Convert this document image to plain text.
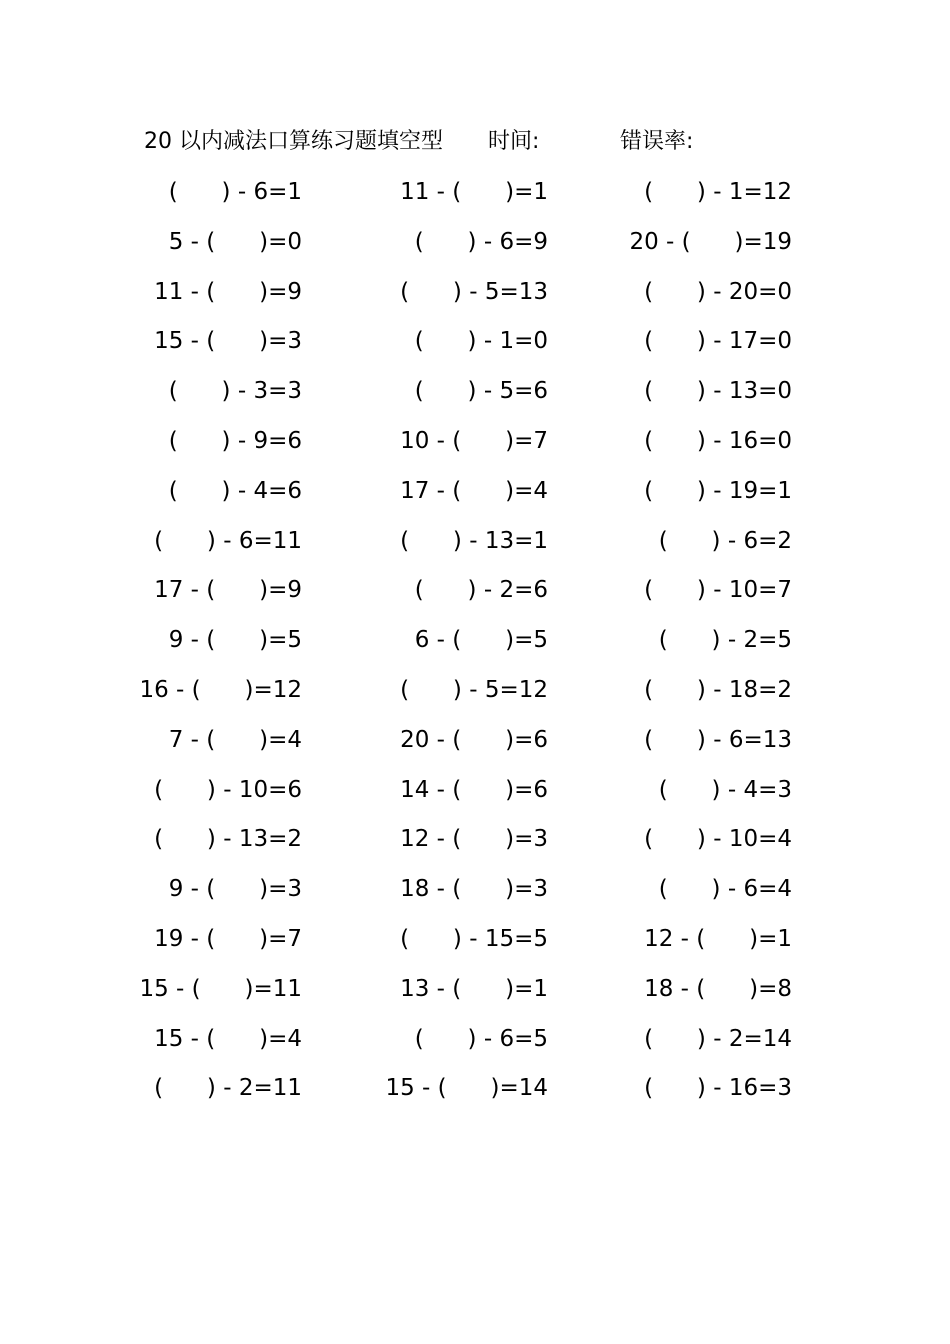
20 以内减法口算练习题填空型 时间:	错误率:
(      ) - 6=1	11 - (      )=1	(      ) - 1=12
5 - (      )=0	(      ) - 6=9	20 - (      )=19
11 - (      )=9	(      ) - 5=13	(      ) - 20=0
15 - (      )=3	(      ) - 1=0	(      ) - 17=0
(      ) - 3=3	(      ) - 5=6	(      ) - 13=0
(      ) - 9=6	10 - (      )=7	(      ) - 16=0
(      ) - 4=6	17 - (      )=4	(      ) - 19=1
(      ) - 6=11	(      ) - 13=1	(      ) - 6=2
17 - (      )=9	(      ) - 2=6	(      ) - 10=7
9 - (      )=5	6 - (      )=5	(      ) - 2=5
16 - (      )=12	(      ) - 5=12	(      ) - 18=2
7 - (      )=4	20 - (      )=6	(      ) - 6=13
(      ) - 10=6	14 - (      )=6	(      ) - 4=3
(      ) - 13=2	12 - (      )=3	(      ) - 10=4
9 - (      )=3	18 - (      )=3	(      ) - 6=4
19 - (      )=7	(      ) - 15=5	12 - (      )=1
15 - (      )=11	13 - (      )=1	18 - (      )=8
15 - (      )=4	(      ) - 6=5	(      ) - 2=14
(      ) - 2=11	15 - (      )=14	(      ) - 16=3
